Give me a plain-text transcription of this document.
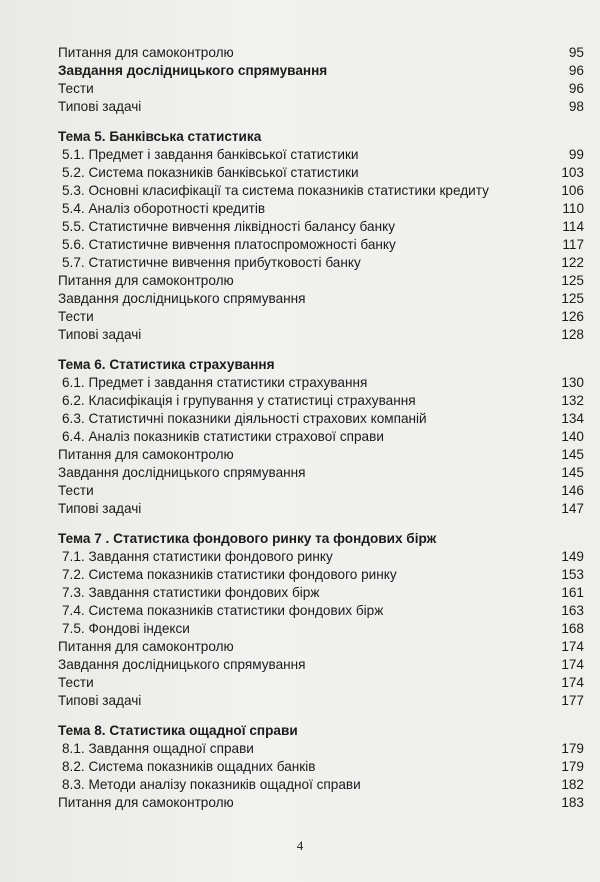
Питання для самоконтролю	95
Завдання дослідницького спрямування	96
Тести	96
Типові задачі	98
Тема 5. Банківська статистика
5.1. Предмет і завдання банківської статистики	99
5.2. Система показників банківської статистики	103
5.3. Основні класифікації та система показників статистики кредиту	106
5.4. Аналіз оборотності кредитів	110
5.5. Статистичне вивчення ліквідності балансу банку	114
5.6. Статистичне вивчення платоспроможності банку	117
5.7. Статистичне вивчення прибутковості банку	122
Питання для самоконтролю	125
Завдання дослідницького спрямування	125
Тести	126
Типові задачі	128
Тема 6. Статистика страхування
6.1. Предмет і завдання статистики страхування	130
6.2. Класифікація і групування у статистиці страхування	132
6.3. Статистичні показники діяльності страхових компаній	134
6.4. Аналіз показників статистики страхової справи	140
Питання для самоконтролю	145
Завдання дослідницького спрямування	145
Тести	146
Типові задачі	147
Тема 7 . Статистика фондового ринку та фондових бірж
7.1. Завдання статистики фондового ринку	149
7.2. Система показників статистики фондового ринку	153
7.3. Завдання статистики фондових бірж	161
7.4. Система показників статистики фондових бірж	163
7.5. Фондові індекси	168
Питання для самоконтролю	174
Завдання дослідницького спрямування	174
Тести	174
Типові задачі	177
Тема 8. Статистика ощадної справи
8.1. Завдання ощадної справи	179
8.2. Система показників ощадних банків	179
8.3. Методи аналізу показників ощадної справи	182
Питання для самоконтролю	183
4
